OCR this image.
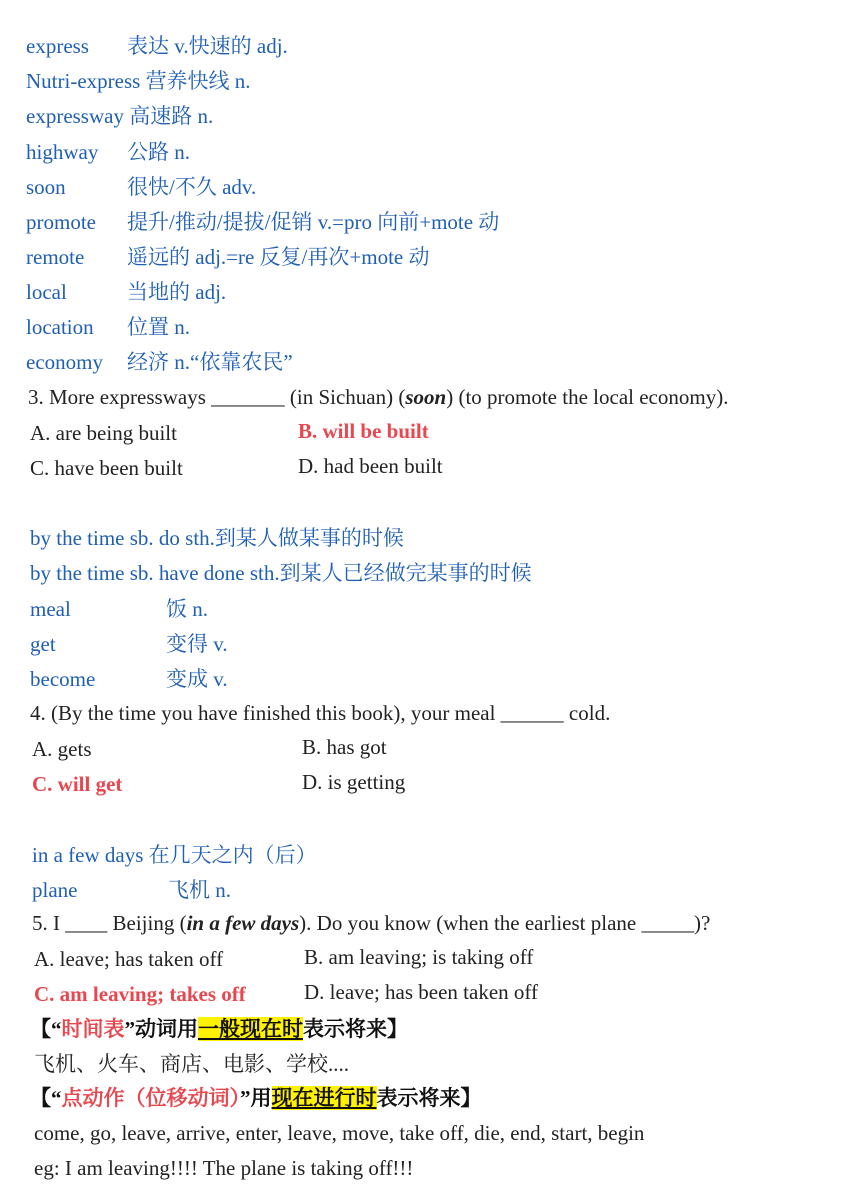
express 表达 v.快速的 adj.
Nutri-express 营养快线 n.
expressway 高速路 n.
highway 公路 n.
soon	很快/不久 adv.
promote 提升/推动/提拔/促销 v.=pro 向前+mote 动
remote 遥远的 adj.=re 反复/再次+mote 动
local	当地的 adj.
location 位置 n.
economy 经济 n.“依靠农民”
3. More expressways _______ (in Sichuan) (soon) (to promote the local economy).
A. are being built	B. will be built
C. have been built	D. had been built
by the time sb. do sth.到某人做某事的时候
by the time sb. have done sth.到某人已经做完某事的时候
meal	饭 n.
get	变得 v.
become	变成 v.
4. (By the time you have finished this book), your meal ______ cold.
A. gets	B. has got
C. will get	D. is getting
in a few days 在几天之内（后）
plane	飞机 n.
5. I ____ Beijing (in a few days). Do you know (when the earliest plane _____)?
A. leave; has taken off	B. am leaving; is taking off
C. am leaving; takes off	D. leave; has been taken off
【“时间表”动词用一般现在时表示将来】
飞机、火车、商店、电影、学校....
【“点动作（位移动词）”用现在进行时表示将来】
come, go, leave, arrive, enter, leave, move, take off, die, end, start, begin
eg: I am leaving!!!! The plane is taking off!!!
